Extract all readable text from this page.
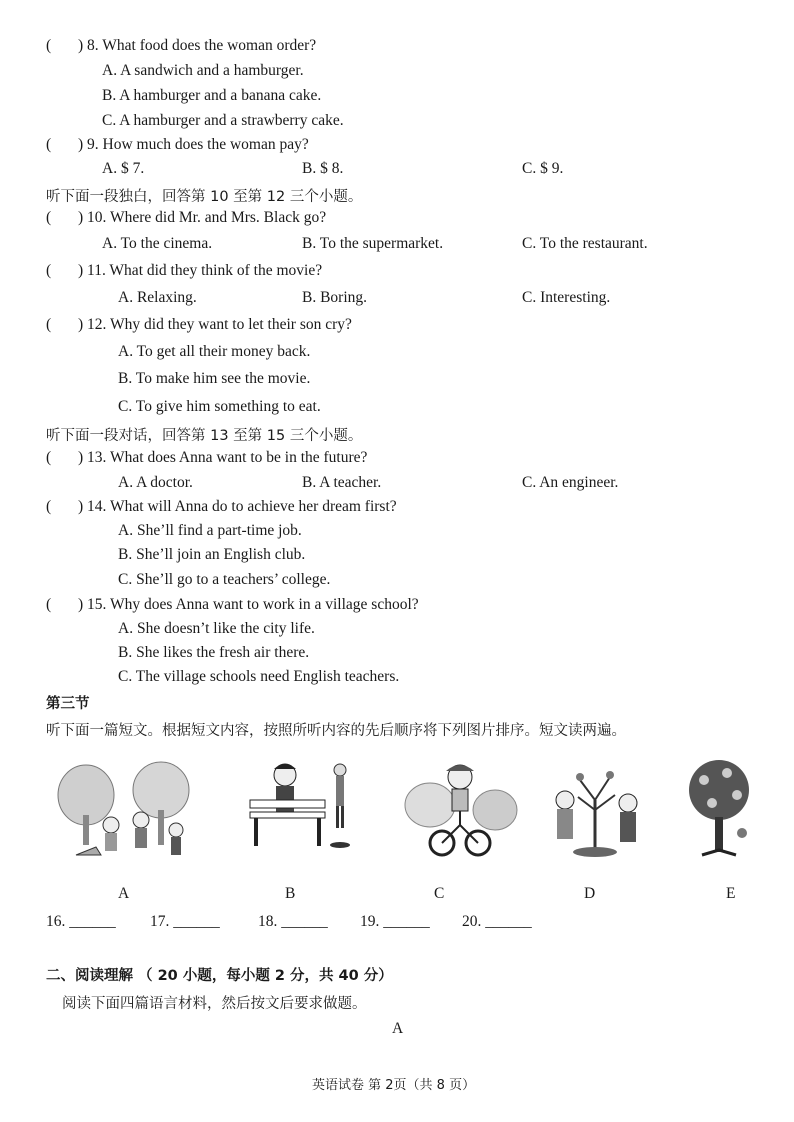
( ) 8. What food does the woman order?
A. A sandwich and a hamburger.
B. A hamburger and a banana cake.
C. A hamburger and a strawberry cake.
( ) 9. How much does the woman pay?
A. $ 7.	B. $ 8.	C. $ 9.
听下面一段独白，回答第 10 至第 12 三个小题。
( ) 10. Where did Mr. and Mrs. Black go?
A. To the cinema.	B. To the supermarket.	C. To the restaurant.
( ) 11. What did they think of the movie?
A. Relaxing.	B. Boring.	C. Interesting.
( ) 12. Why did they want to let their son cry?
A. To get all their money back.
B. To make him see the movie.
C. To give him something to eat.
听下面一段对话，回答第 13 至第 15 三个小题。
( ) 13. What does Anna want to be in the future?
A. A doctor.	B. A teacher.	C. An engineer.
( ) 14. What will Anna do to achieve her dream first?
A. She’ll find a part-time job.
B. She’ll join an English club.
C. She’ll go to a teachers’ college.
( ) 15. Why does Anna want to work in a village school?
A. She doesn’t like the city life.
B. She likes the fresh air there.
C. The village schools need English teachers.
第三节
听下面一篇短文。根据短文内容，按照所听内容的先后顺序将下列图片排序。短文读两遍。
A	B	C	D	E
16. ______ 17. ______ 18. ______ 19. ______ 20. ______
二、阅读理解 （ 20 小题，每小题 2 分，共 40 分）
阅读下面四篇语言材料，然后按文后要求做题。
A
英语试卷 第 2页（共 8 页）
